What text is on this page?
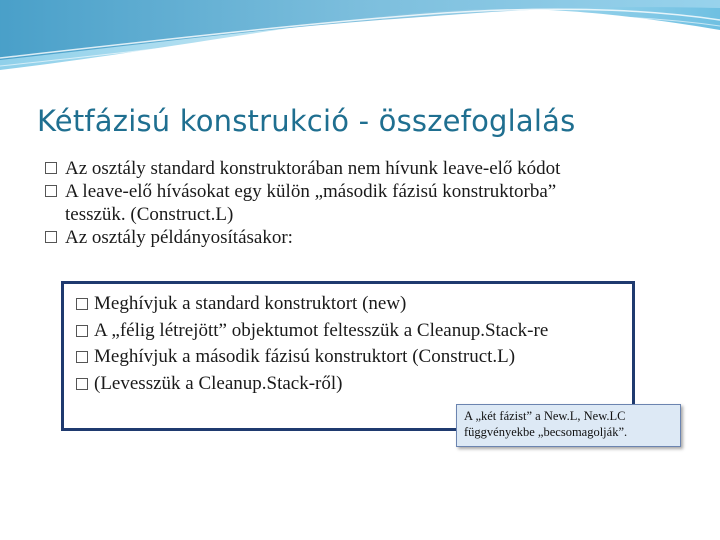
Kétfázisú konstrukció - összefoglalás
Az osztály standard konstruktorában nem hívunk leave-elő kódot
A leave-elő hívásokat egy külön „második fázisú konstruktorba”
tesszük. (Construct.L)
Az osztály példányosításakor:
Meghívjuk a standard konstruktort (new)
A „félig létrejött” objektumot feltesszük a Cleanup.Stack-re
Meghívjuk a második fázisú konstruktort (Construct.L)
(Levesszük a Cleanup.Stack-ről)
A „két fázist” a New.L, New.LC
függvényekbe „becsomagolják”.
